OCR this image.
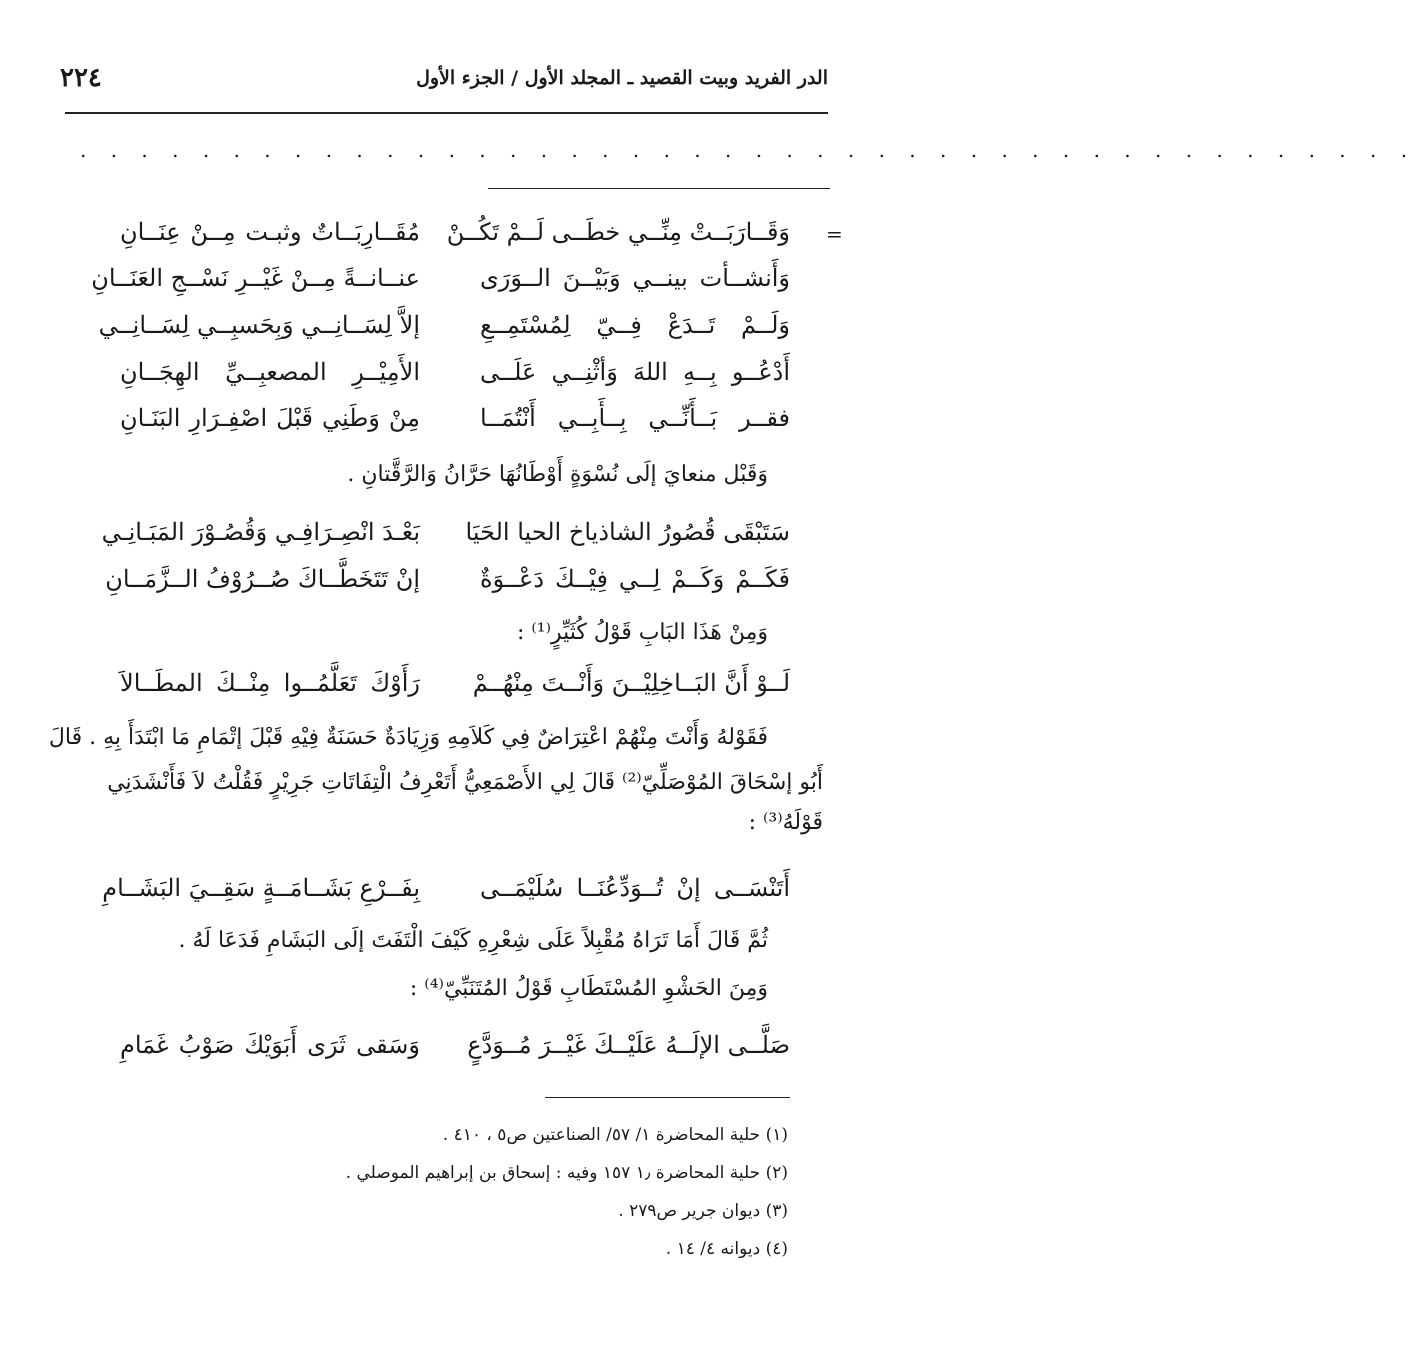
٢٢٤	الدر الفريد وبيت القصيد ـ المجلد الأول / الجزء الأول
. . . . . . . . . . . . . . . . . . . . . . . . . . . . . . . . . . . . . . . . . . . .
=
وَقَــارَبَــتْ مِنِّــي خطَــى لَــمْ تَكُــنْ
مُقَــارِبَــاتٌ وثبـت مِــنْ عِنَــانِ
وَأَنشــأت بينــي وَبَيْــنَ الــوَرَى
عنــانــةً مِــنْ غَيْــرِ نَسْــجِ العَنَــانِ
وَلَــمْ تَــدَعْ فِــيّ لِمُسْتَمِــعِ
إلاَّ لِسَــانِــي وَبِحَسبِــي لِسَــانِــي
أَدْعُــو بِــهِ اللهَ وَأثْنِــي عَلَــى
الأَمِيْــرِ المصعبِــيِّ الهِجَــانِ
فقــر بَــأَنِّــي بِــأَبِــي أَنْتُمَــا
مِنْ وَطَنِي قَبْلَ اصْفِـرَارِ البَنَـانِ
وَقَبْل منعايَ إلَى نُسْوَةٍ أَوْطَانُهَا حَرَّانُ وَالرَّقَّتانِ .
سَتَبْقَى قُصُورُ الشاذياخ الحيا الحَيَا
بَعْـدَ انْصِـرَافِـي وَقُصُـوْرَ المَبَـانِـي
فَكَــمْ وَكَــمْ لِــي فِيْــكَ دَعْــوَةٌ
إنْ تَتَخَطَّــاكَ صُــرُوْفُ الــزَّمَــانِ
وَمِنْ هَذَا البَابِ قَوْلُ كُثَيِّرٍ⁽¹⁾ :
لَــوْ أَنَّ البَــاخِلِيْــنَ وَأَنْــتَ مِنْهُــمْ
رَأَوْكَ تَعَلَّمُــوا مِنْــكَ المطَــالاَ
فَقَوْلهُ وَأَنْتَ مِنْهُمْ اعْتِرَاضٌ فِي كَلاَمِهِ وَزِيَادَةٌ حَسَنَةٌ فِيْهِ قَبْلَ إتْمَامِ مَا ابْتَدَأَ بِهِ . قَالَ
أَبُو إسْحَاقَ المُوْصَلِّيّ⁽²⁾ قَالَ لِي الأَصْمَعِيُّ أَتَعْرِفُ الْتِفَاتَاتِ جَرِيْرٍ فَقُلْتُ لاَ فَأَنْشَدَنِي
قَوْلَهُ⁽³⁾ :
أَتَنْسَــى إنْ تُــوَدِّعُنَــا سُلَيْمَــى
بِفَــرْعِ بَشَــامَــةٍ سَقِــيَ البَشَــامِ
ثُمَّ قَالَ أَمَا تَرَاهُ مُقْبِلاً عَلَى شِعْرِهِ كَيْفَ الْتَفَتَ إلَى البَشَامِ فَدَعَا لَهُ .
وَمِنَ الحَشْوِ المُسْتَطَابِ قَوْلُ المُتَنَبِّيّ⁽⁴⁾ :
صَلَّــى الإلَــهُ عَلَيْــكَ غَيْــرَ مُــوَدَّعٍ
وَسَقى ثَرَى أَبَوَيْكَ صَوْبُ غَمَامِ
(١) حلية المحاضرة ١/ ٥٧/ الصناعتين ص٥ ، ٤١٠ .
(٢) حلية المحاضرة ١٫ ١٥٧ وفيه : إسحاق بن إبراهيم الموصلي .
(٣) ديوان جرير ص٢٧٩ .
(٤) ديوانه ٤/ ١٤ .
